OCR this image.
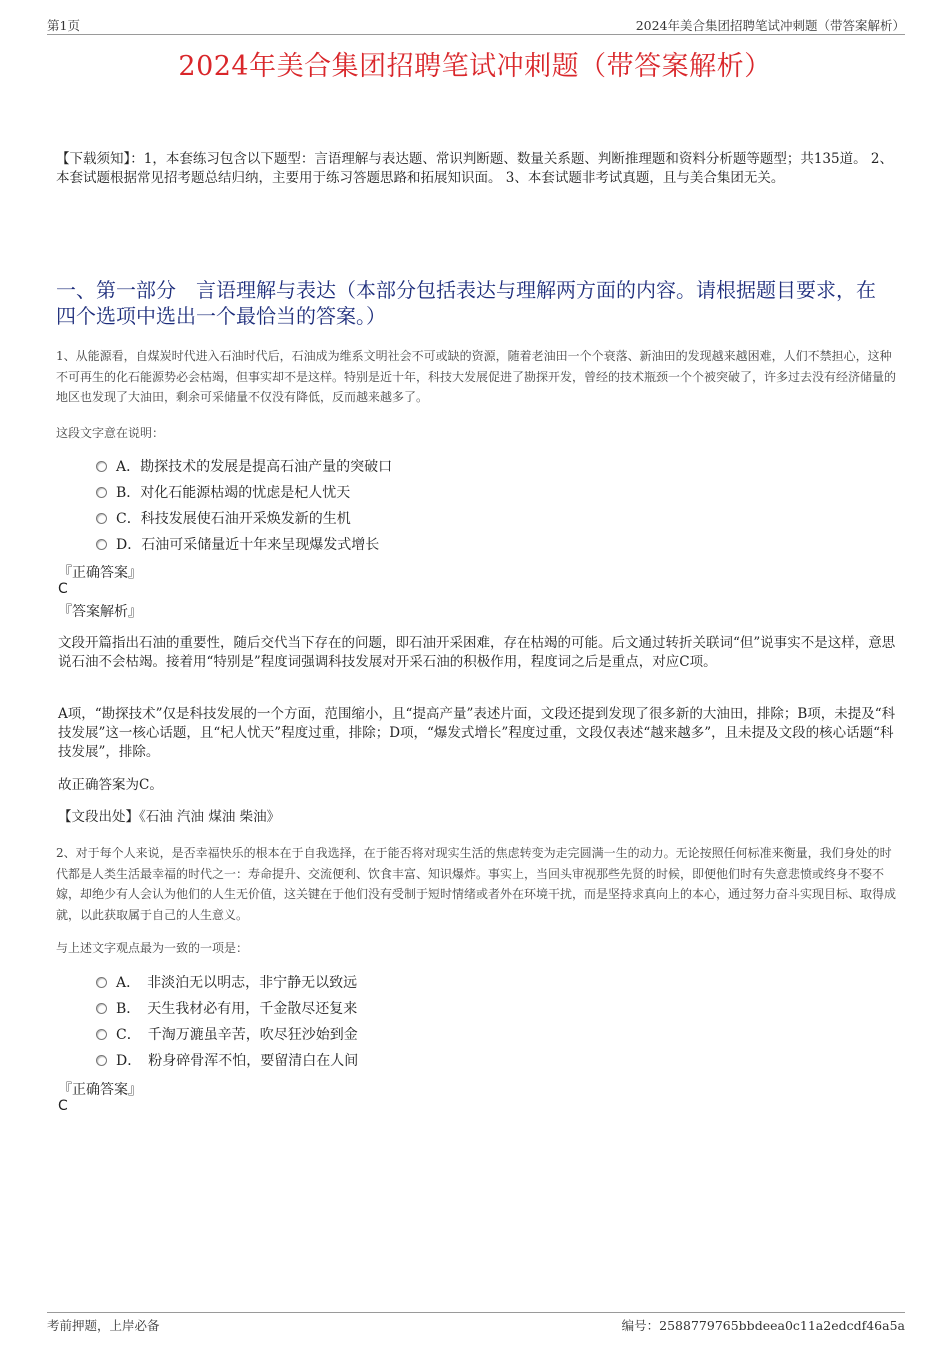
第1页	2024年美合集团招聘笔试冲刺题（带答案解析）
2024年美合集团招聘笔试冲刺题（带答案解析）
【下载须知】：1，本套练习包含以下题型：言语理解与表达题、常识判断题、数量关系题、判断推理题和资料分析题等题型；共135道。 2、本套试题根据常见招考题总结归纳，主要用于练习答题思路和拓展知识面。 3、本套试题非考试真题，且与美合集团无关。
一、第一部分　言语理解与表达（本部分包括表达与理解两方面的内容。请根据题目要求，在四个选项中选出一个最恰当的答案。）
1、从能源看，自煤炭时代进入石油时代后，石油成为维系文明社会不可或缺的资源，随着老油田一个个衰落、新油田的发现越来越困难，人们不禁担心，这种不可再生的化石能源势必会枯竭，但事实却不是这样。特别是近十年，科技大发展促进了勘探开发，曾经的技术瓶颈一个个被突破了，许多过去没有经济储量的地区也发现了大油田，剩余可采储量不仅没有降低，反而越来越多了。
这段文字意在说明：
A．勘探技术的发展是提高石油产量的突破口
B．对化石能源枯竭的忧虑是杞人忧天
C．科技发展使石油开采焕发新的生机
D．石油可采储量近十年来呈现爆发式增长
『正确答案』
C
『答案解析』
文段开篇指出石油的重要性，随后交代当下存在的问题，即石油开采困难，存在枯竭的可能。后文通过转折关联词“但”说事实不是这样，意思说石油不会枯竭。接着用“特别是”程度词强调科技发展对开采石油的积极作用，程度词之后是重点，对应C项。
A项，“勘探技术”仅是科技发展的一个方面，范围缩小，且“提高产量”表述片面，文段还提到发现了很多新的大油田，排除；B项，未提及“科技发展”这一核心话题，且“杞人忧天”程度过重，排除；D项，“爆发式增长”程度过重，文段仅表述“越来越多”，且未提及文段的核心话题“科技发展”，排除。
故正确答案为C。
【文段出处】《石油 汽油 煤油 柴油》
2、对于每个人来说，是否幸福快乐的根本在于自我选择，在于能否将对现实生活的焦虑转变为走完圆满一生的动力。无论按照任何标准来衡量，我们身处的时代都是人类生活最幸福的时代之一：寿命提升、交流便利、饮食丰富、知识爆炸。事实上，当回头审视那些先贤的时候，即便他们时有失意悲愤或终身不娶不嫁，却绝少有人会认为他们的人生无价值，这关键在于他们没有受制于短时情绪或者外在环境干扰，而是坚持求真向上的本心，通过努力奋斗实现目标、取得成就，以此获取属于自己的人生意义。
与上述文字观点最为一致的一项是：
A．　非淡泊无以明志，非宁静无以致远
B．　天生我材必有用，千金散尽还复来
C．　千淘万漉虽辛苦，吹尽狂沙始到金
D．　粉身碎骨浑不怕，要留清白在人间
『正确答案』
C
考前押题，上岸必备	编号：2588779765bbdeea0c11a2edcdf46a5a
